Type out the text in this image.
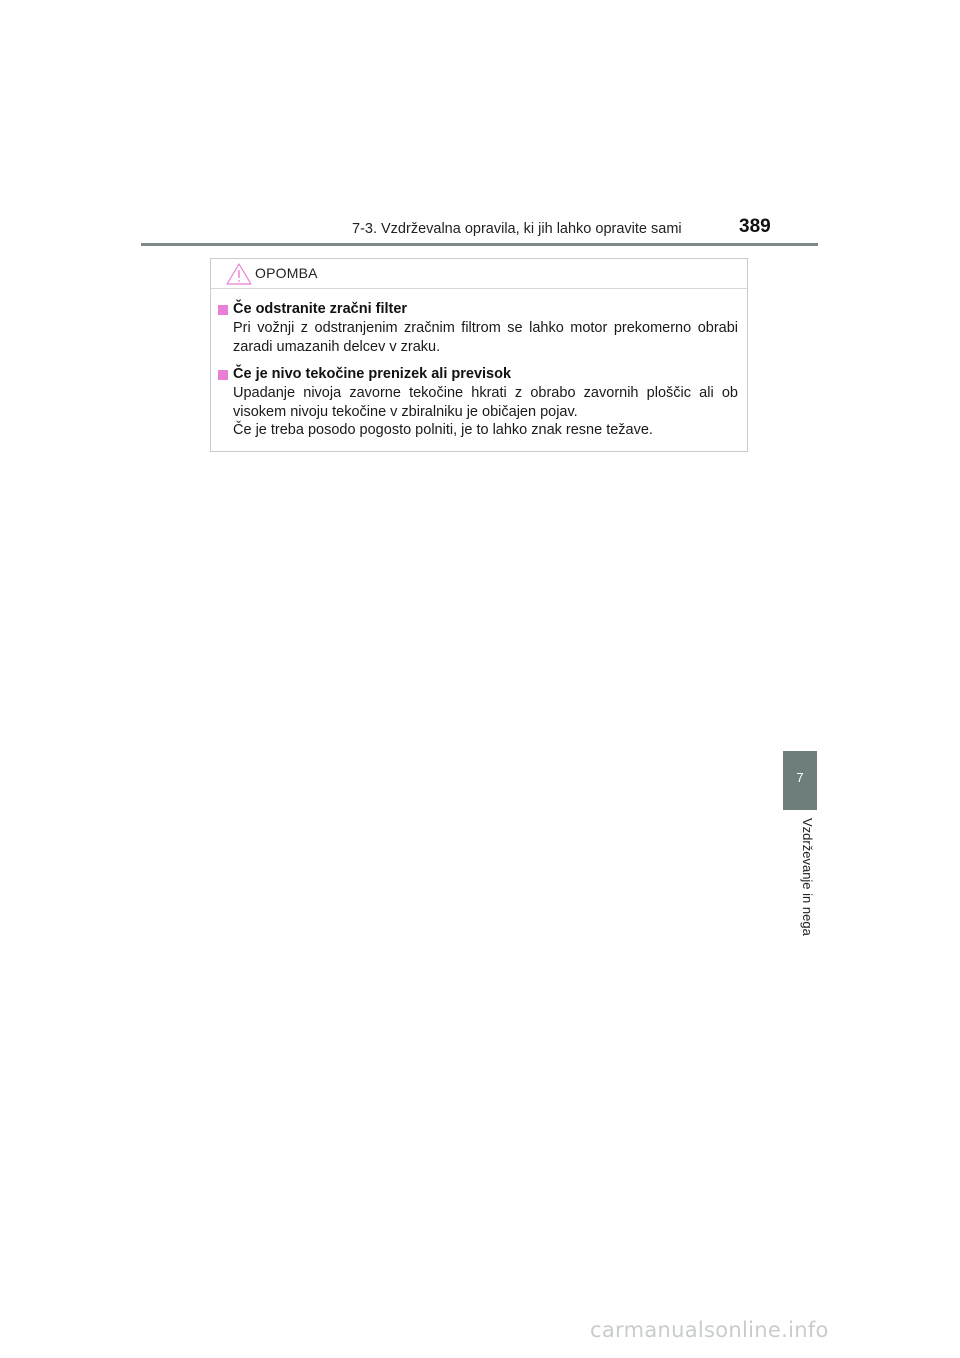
7-3. Vzdrževalna opravila, ki jih lahko opravite sami	389
OPOMBA
Če odstranite zračni filter

Pri vožnji z odstranjenim zračnim filtrom se lahko motor prekomerno obrabi zaradi umazanih delcev v zraku.

Če je nivo tekočine prenizek ali previsok

Upadanje nivoja zavorne tekočine hkrati z obrabo zavornih ploščic ali ob visokem nivoju tekočine v zbiralniku je običajen pojav.

Če je treba posodo pogosto polniti, je to lahko znak resne težave.

7
Vzdrževanje in nega
carmanualsonline.info
